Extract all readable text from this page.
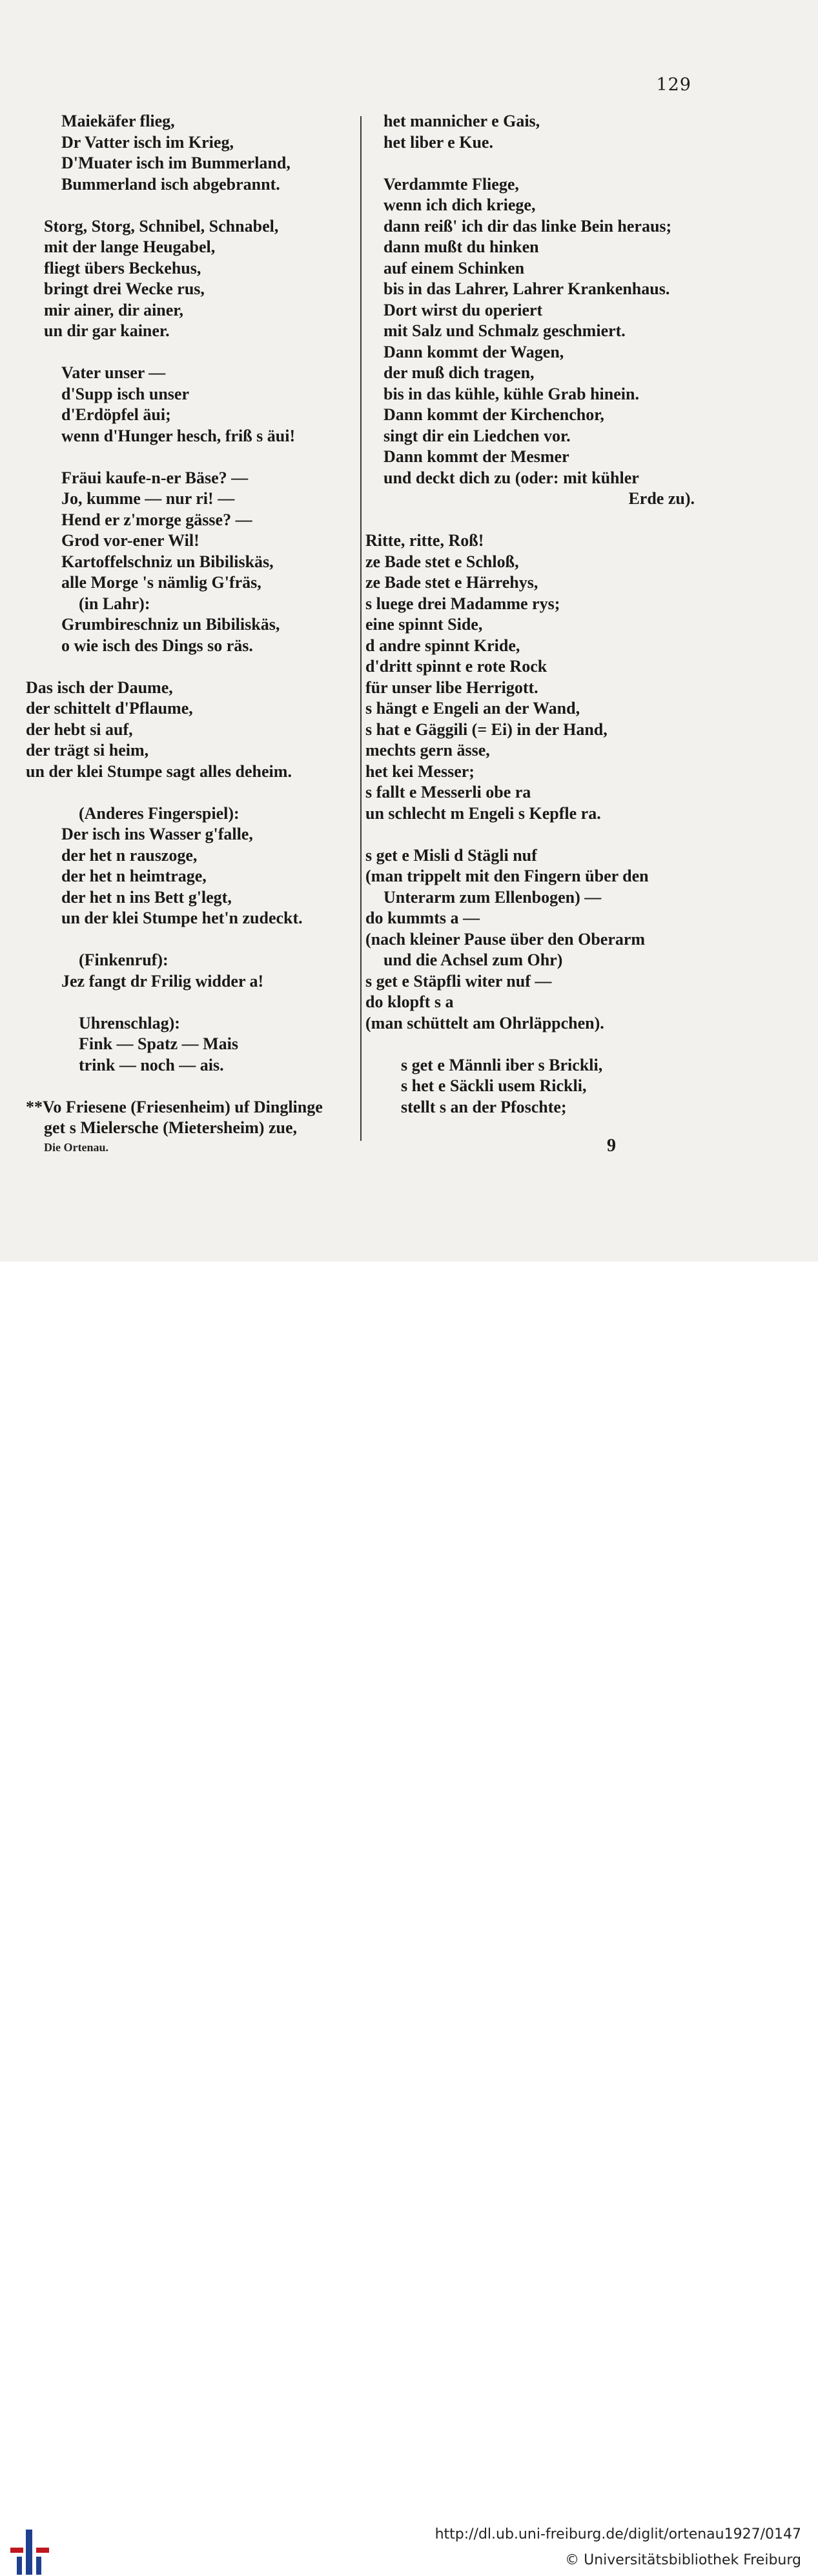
129
Maiekäfer flieg,
Dr Vatter isch im Krieg,
D'Muater isch im Bummerland,
Bummerland isch abgebrannt.
Storg, Storg, Schnibel, Schnabel,
mit der lange Heugabel,
fliegt übers Beckehus,
bringt drei Wecke rus,
mir ainer, dir ainer,
un dir gar kainer.
Vater unser —
d'Supp isch unser
d'Erdöpfel äui;
wenn d'Hunger hesch, friß s äui!
Fräui kaufe-n-er Bäse? —
Jo, kumme — nur ri! —
Hend er z'morge gässe? —
Grod vor-ener Wil!
Kartoffelschniz un Bibiliskäs,
alle Morge 's nämlig G'fräs,
(in Lahr):
Grumbireschniz un Bibiliskäs,
o wie isch des Dings so räs.
Das isch der Daume,
der schittelt d'Pflaume,
der hebt si auf,
der trägt si heim,
un der klei Stumpe sagt alles deheim.
(Anderes Fingerspiel):
Der isch ins Wasser g'falle,
der het n rauszoge,
der het n heimtrage,
der het n ins Bett g'legt,
un der klei Stumpe het'n zudeckt.
(Finkenruf):
Jez fangt dr Frilig widder a!
Uhrenschlag):
Fink — Spatz — Mais
trink — noch — ais.
**Vo Friesene (Friesenheim) uf Dinglinge
get s Mielersche (Mietersheim) zue,
het mannicher e Gais,
het liber e Kue.
Verdammte Fliege,
wenn ich dich kriege,
dann reiß' ich dir das linke Bein heraus;
dann mußt du hinken
auf einem Schinken
bis in das Lahrer, Lahrer Krankenhaus.
Dort wirst du operiert
mit Salz und Schmalz geschmiert.
Dann kommt der Wagen,
der muß dich tragen,
bis in das kühle, kühle Grab hinein.
Dann kommt der Kirchenchor,
singt dir ein Liedchen vor.
Dann kommt der Mesmer
und deckt dich zu (oder: mit kühler
Erde zu).
Ritte, ritte, Roß!
ze Bade stet e Schloß,
ze Bade stet e Härrehys,
s luege drei Madamme rys;
eine spinnt Side,
d andre spinnt Kride,
d'dritt spinnt e rote Rock
für unser libe Herrigott.
s hängt e Engeli an der Wand,
s hat e Gäggili (= Ei) in der Hand,
mechts gern ässe,
het kei Messer;
s fallt e Messerli obe ra
un schlecht m Engeli s Kepfle ra.
s get e Misli d Stägli nuf
(man trippelt mit den Fingern über den
Unterarm zum Ellenbogen) —
do kummts a —
(nach kleiner Pause über den Oberarm
und die Achsel zum Ohr)
s get e Stäpfli witer nuf —
do klopft s a
(man schüttelt am Ohrläppchen).
s get e Männli iber s Brickli,
s het e Säckli usem Rickli,
stellt s an der Pfoschte;
Die Ortenau.	9
http://dl.ub.uni-freiburg.de/diglit/ortenau1927/0147
© Universitätsbibliothek Freiburg
